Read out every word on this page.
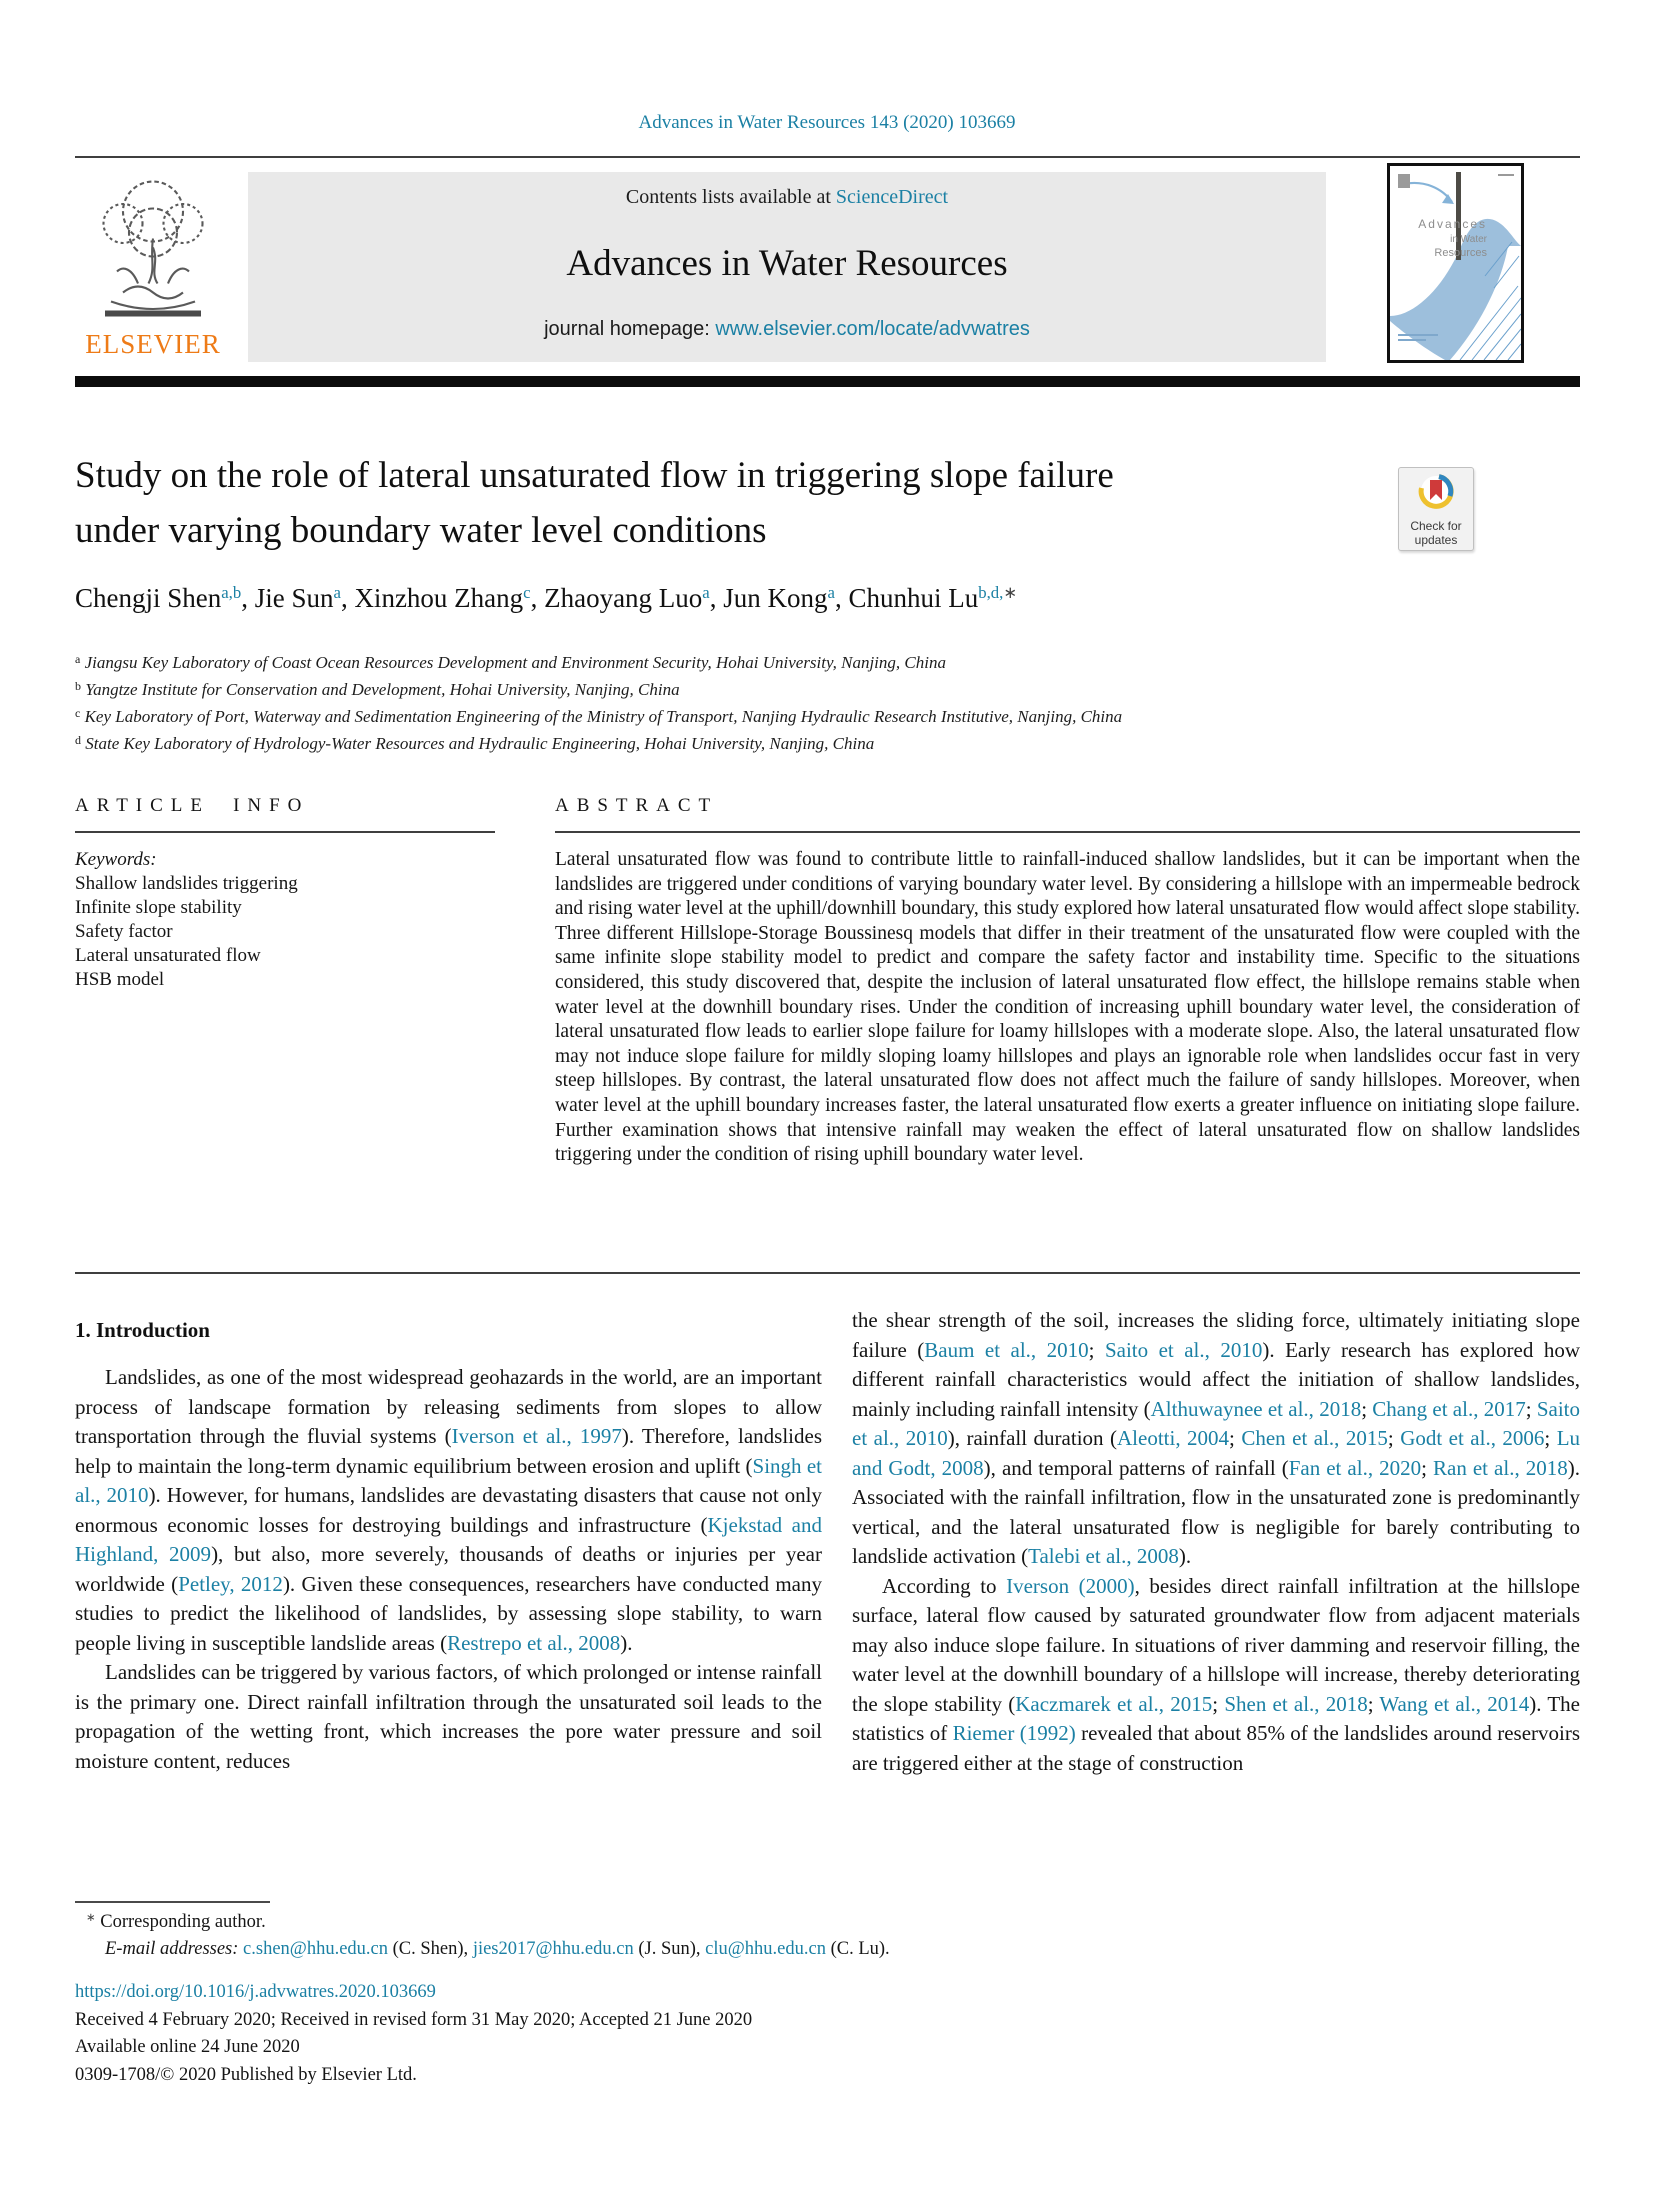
Advances in Water Resources 143 (2020) 103669
ELSEVIER
Contents lists available at ScienceDirect
Advances in Water Resources
journal homepage: www.elsevier.com/locate/advwatres
Advances
in Water
Resources
Study on the role of lateral unsaturated flow in triggering slope failure
under varying boundary water level conditions	Check for
updates
Chengji Shen$^{a,b}$, Jie Sun$^a$, Xinzhou Zhang$^c$, Zhaoyang Luo$^a$, Jun Kong$^a$, Chunhui $Lu^{b,d,∗}$
$^a$ Jiangsu Key Laboratory of Coast Ocean Resources Development and Environment Security, Hohai University, Nanjing, China
$^b$ Yangtze Institute for Conservation and Development, Hohai University, Nanjing, China
$^c$ Key Laboratory of Port, Waterway and Sedimentation Engineering of the Ministry of Transport, Nanjing Hydraulic Research Institutive, Nanjing, China
$^d$ State Key Laboratory of Hydrology-Water Resources and Hydraulic Engineering, Hohai University, Nanjing, China
ARTICLE INFO
Keywords:
Shallow landslides triggering
Infinite slope stability
Safety factor
Lateral unsaturated flow
HSB model
ABSTRACT
Lateral unsaturated flow was found to contribute little to rainfall-induced shallow landslides, but it can be important when the landslides are triggered under conditions of varying boundary water level. By considering a hillslope with an impermeable bedrock and rising water level at the uphill/downhill boundary, this study explored how lateral unsaturated flow would affect slope stability. Three different Hillslope-Storage Boussinesq models that differ in their treatment of the unsaturated flow were coupled with the same infinite slope stability model to predict and compare the safety factor and instability time. Specific to the situations considered, this study discovered that, despite the inclusion of lateral unsaturated flow effect, the hillslope remains stable when water level at the downhill boundary rises. Under the condition of increasing uphill boundary water level, the consideration of lateral unsaturated flow leads to earlier slope failure for loamy hillslopes with a moderate slope. Also, the lateral unsaturated flow may not induce slope failure for mildly sloping loamy hillslopes and plays an ignorable role when landslides occur fast in very steep hillslopes. By contrast, the lateral unsaturated flow does not affect much the failure of sandy hillslopes. Moreover, when water level at the uphill boundary increases faster, the lateral unsaturated flow exerts a greater influence on initiating slope failure. Further examination shows that intensive rainfall may weaken the effect of lateral unsaturated flow on shallow landslides triggering under the condition of rising uphill boundary water level.
1. Introduction

Landslides, as one of the most widespread geohazards in the world, are an important process of landscape formation by releasing sediments from slopes to allow transportation through the fluvial systems (Iverson et al., 1997). Therefore, landslides help to maintain the long-term dynamic equilibrium between erosion and uplift (Singh et al., 2010). However, for humans, landslides are devastating disasters that cause not only enormous economic losses for destroying buildings and infrastructure (Kjekstad and Highland, 2009), but also, more severely, thousands of deaths or injuries per year worldwide (Petley, 2012). Given these consequences, researchers have conducted many studies to predict the likelihood of landslides, by assessing slope stability, to warn people living in susceptible landslide areas (Restrepo et al., 2008).

Landslides can be triggered by various factors, of which prolonged or intense rainfall is the primary one. Direct rainfall infiltration through the unsaturated soil leads to the propagation of the wetting front, which increases the pore water pressure and soil moisture content, reduces

the shear strength of the soil, increases the sliding force, ultimately initiating slope failure (Baum et al., 2010; Saito et al., 2010). Early research has explored how different rainfall characteristics would affect the initiation of shallow landslides, mainly including rainfall intensity (Althuwaynee et al., 2018; Chang et al., 2017; Saito et al., 2010), rainfall duration (Aleotti, 2004; Chen et al., 2015; Godt et al., 2006; Lu and Godt, 2008), and temporal patterns of rainfall (Fan et al., 2020; Ran et al., 2018). Associated with the rainfall infiltration, flow in the unsaturated zone is predominantly vertical, and the lateral unsaturated flow is negligible for barely contributing to landslide activation (Talebi et al., 2008).

According to Iverson (2000), besides direct rainfall infiltration at the hillslope surface, lateral flow caused by saturated groundwater flow from adjacent materials may also induce slope failure. In situations of river damming and reservoir filling, the water level at the downhill boundary of a hillslope will increase, thereby deteriorating the slope stability (Kaczmarek et al., 2015; Shen et al., 2018; Wang et al., 2014). The statistics of Riemer (1992) revealed that about 85% of the landslides around reservoirs are triggered either at the stage of construction

∗ Corresponding author.
E-mail addresses: c.shen@hhu.edu.cn (C. Shen), jies2017@hhu.edu.cn (J. Sun), clu@hhu.edu.cn (C. Lu).
https://doi.org/10.1016/j.advwatres.2020.103669
Received 4 February 2020; Received in revised form 31 May 2020; Accepted 21 June 2020
Available online 24 June 2020
0309-1708/© 2020 Published by Elsevier Ltd.
